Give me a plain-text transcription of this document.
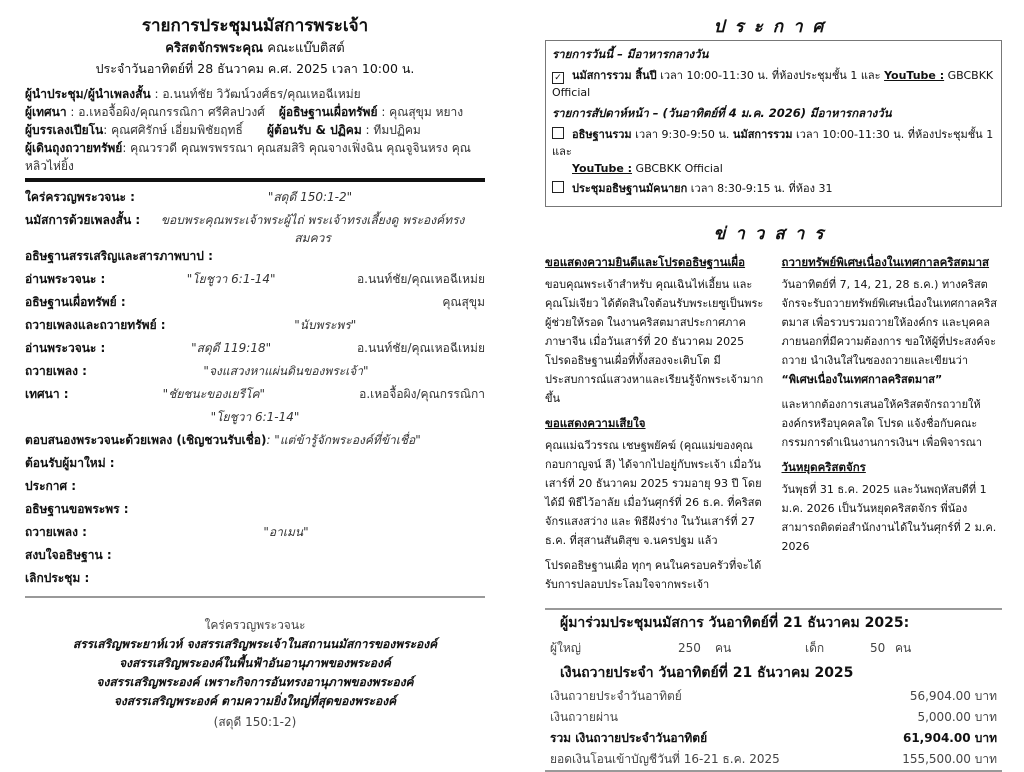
รายการประชุมนมัสการพระเจ้า
คริสตจักรพระคุณ คณะแบ๊บติสต์
ประจำวันอาทิตย์ที่ 28 ธันวาคม ค.ศ. 2025 เวลา 10:00 น.
ผู้นำประชุม/ผู้นำเพลงสั้น : อ.นนท์ชัย วิวัฒน์วงศ์ธร/คุณเหอฉีเหม่ย
ผู้เทศนา : อ.เหอจื้อผิง/คุณกรรณิกา ศรีศิลปวงศ์ ผู้อธิษฐานเผื่อทรัพย์ : คุณสุขุม หยาง
ผู้บรรเลงเปียโน: คุณศศิรักษ์ เอี่ยมพิชัยฤทธิ์	ผู้ต้อนรับ & ปฏิคม : ทีมปฏิคม
ผู้เดินถุงถวายทรัพย์: คุณวรวดี คุณพรพรรณา คุณสมสิริ คุณจางเฟิ่งฉิน คุณจูจินหรง คุณหลิวไห่ยิ้ง
ใคร่ครวญพระวจนะ :	"สดุดี 150:1-2"
นมัสการด้วยเพลงสั้น :	ขอบพระคุณพระเจ้าพระผู้ไถ่ พระเจ้าทรงเลี้ยงดู พระองค์ทรงสมควร
อธิษฐานสรรเสริญและสารภาพบาป :
อ่านพระวจนะ :	"โยชูวา 6:1-14"	อ.นนท์ชัย/คุณเหอฉีเหม่ย
อธิษฐานเผื่อทรัพย์ :	คุณสุขุม
ถวายเพลงและถวายทรัพย์ :	"นับพระพร"
อ่านพระวจนะ :	"สดุดี 119:18"	อ.นนท์ชัย/คุณเหอฉีเหม่ย
ถวายเพลง :	"จงแสวงหาแผ่นดินของพระเจ้า"
เทศนา :	"ชัยชนะของเยรีโค"	อ.เหอจื้อผิง/คุณกรรณิกา
"โยชูวา 6:1-14"
ตอบสนองพระวจนะด้วยเพลง (เชิญชวนรับเชื่อ) : "แต่ข้ารู้จักพระองค์ที่ข้าเชื่อ"
ต้อนรับผู้มาใหม่ :
ประกาศ :
อธิษฐานขอพระพร :
ถวายเพลง :	"อาเมน"
สงบใจอธิษฐาน :
เลิกประชุม :
ใคร่ครวญพระวจนะ
สรรเสริญพระยาห์เวห์ จงสรรเสริญพระเจ้าในสถานนมัสการของพระองค์
จงสรรเสริญพระองค์ในพื้นฟ้าอันอานุภาพของพระองค์
จงสรรเสริญพระองค์ เพราะกิจการอันทรงอานุภาพของพระองค์
จงสรรเสริญพระองค์ ตามความยิ่งใหญ่ที่สุดของพระองค์
(สดุดี 150:1-2)
ประกาศ
รายการวันนี้ – มีอาหารกลางวัน
✓ นมัสการรวม สิ้นปี เวลา 10:00-11:30 น. ที่ห้องประชุมชั้น 1 และ YouTube : GBCBKK Official
รายการสัปดาห์หน้า – (วันอาทิตย์ที่ 4 ม.ค. 2026) มีอาหารกลางวัน
อธิษฐานรวม เวลา 9:30-9:50 น. นมัสการรวม เวลา 10:00-11:30 น. ที่ห้องประชุมชั้น 1 และ
YouTube : GBCBKK Official
ประชุมอธิษฐานมัคนายก เวลา 8:30-9:15 น. ที่ห้อง 31
ข่าวสาร
ขอแสดงความยินดีและโปรดอธิษฐานเผื่อ

ขอบคุณพระเจ้าสำหรับ คุณเฉินไห่เอี้ยน และคุณโม่เจียว ได้ตัดสินใจต้อนรับพระเยซูเป็นพระผู้ช่วยให้รอด ในงานคริสตมาสประกาศภาคภาษาจีน เมื่อวันเสาร์ที่ 20 ธันวาคม 2025 โปรดอธิษฐานเผื่อที่ทั้งสองจะเติบโต มีประสบการณ์แสวงหาและเรียนรู้จักพระเจ้ามากขึ้น

ขอแสดงความเสียใจ

คุณแม่ฉวีวรรณ เชษฐพยัคฆ์ (คุณแม่ของคุณกอบกาญจน์ ลี) ได้จากไปอยู่กับพระเจ้า เมื่อวันเสาร์ที่ 20 ธันวาคม 2025 รวมอายุ 93 ปี โดยได้มี พิธีไว้อาลัย เมื่อวันศุกร์ที่ 26 ธ.ค. ที่คริสตจักรแสงสว่าง และ พิธีฝังร่าง ในวันเสาร์ที่ 27 ธ.ค. ที่สุสานสันติสุข จ.นครปฐม แล้ว

โปรดอธิษฐานเผื่อ ทุกๆ คนในครอบครัวที่จะได้รับการปลอบประโลมใจจากพระเจ้า

ถวายทรัพย์พิเศษเนื่องในเทศกาลคริสตมาส

วันอาทิตย์ที่ 7, 14, 21, 28 ธ.ค.) ทางคริสตจักรจะรับถวายทรัพย์พิเศษเนื่องในเทศกาลคริสตมาส เพื่อรวบรวมถวายให้องค์กร และบุคคลภายนอกที่มีความต้องการ ขอให้ผู้ที่ประสงค์จะถวาย นำเงินใส่ในซองถวายและเขียนว่า “พิเศษเนื่องในเทศกาลคริสตมาส”

และหากต้องการเสนอให้คริสตจักรถวายให้องค์กรหรือบุคคลใด โปรด แจ้งชื่อกับคณะกรรมการดำเนินงานการเงินฯ เพื่อพิจารณา

วันหยุดคริสตจักร

วันพุธที่ 31 ธ.ค. 2025 และวันพฤหัสบดีที่ 1 ม.ค. 2026 เป็นวันหยุดคริสตจักร พี่น้องสามารถติดต่อสำนักงานได้ในวันศุกร์ที่ 2 ม.ค. 2026

ผู้มาร่วมประชุมนมัสการ วันอาทิตย์ที่ 21 ธันวาคม 2025:
ผู้ใหญ่	250	คน	เด็ก	50 คน
เงินถวายประจำ วันอาทิตย์ที่ 21 ธันวาคม 2025
เงินถวายประจำวันอาทิตย์	56,904.00 บาท
เงินถวายผ่าน	5,000.00 บาท
รวม เงินถวายประจำวันอาทิตย์	61,904.00 บาท
ยอดเงินโอนเข้าบัญชีวันที่ 16-21 ธ.ค. 2025	155,500.00 บาท
